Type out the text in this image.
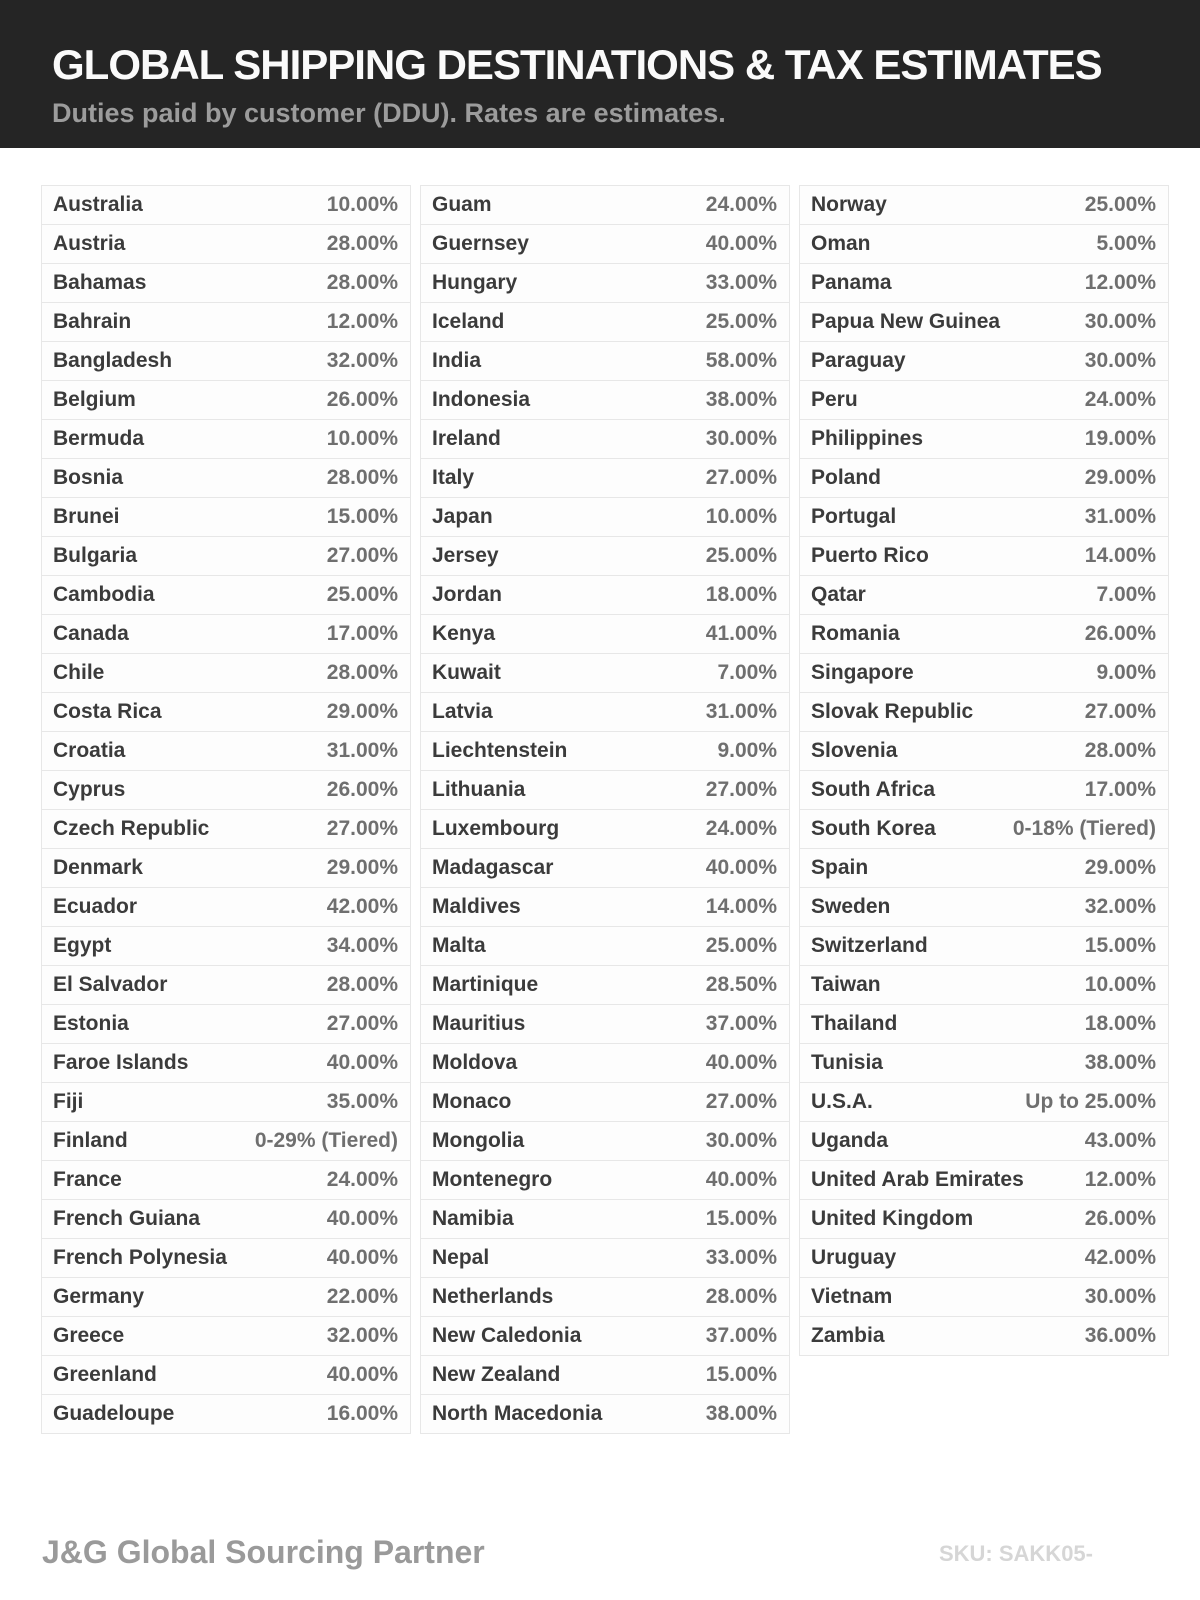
GLOBAL SHIPPING DESTINATIONS & TAX ESTIMATES

Duties paid by customer (DDU). Rates are estimates.

Australia	10.00%
Austria	28.00%
Bahamas	28.00%
Bahrain	12.00%
Bangladesh	32.00%
Belgium	26.00%
Bermuda	10.00%
Bosnia	28.00%
Brunei	15.00%
Bulgaria	27.00%
Cambodia	25.00%
Canada	17.00%
Chile	28.00%
Costa Rica	29.00%
Croatia	31.00%
Cyprus	26.00%
Czech Republic	27.00%
Denmark	29.00%
Ecuador	42.00%
Egypt	34.00%
El Salvador	28.00%
Estonia	27.00%
Faroe Islands	40.00%
Fiji	35.00%
Finland	0-29% (Tiered)
France	24.00%
French Guiana	40.00%
French Polynesia	40.00%
Germany	22.00%
Greece	32.00%
Greenland	40.00%
Guadeloupe	16.00%
Guam	24.00%
Guernsey	40.00%
Hungary	33.00%
Iceland	25.00%
India	58.00%
Indonesia	38.00%
Ireland	30.00%
Italy	27.00%
Japan	10.00%
Jersey	25.00%
Jordan	18.00%
Kenya	41.00%
Kuwait	7.00%
Latvia	31.00%
Liechtenstein	9.00%
Lithuania	27.00%
Luxembourg	24.00%
Madagascar	40.00%
Maldives	14.00%
Malta	25.00%
Martinique	28.50%
Mauritius	37.00%
Moldova	40.00%
Monaco	27.00%
Mongolia	30.00%
Montenegro	40.00%
Namibia	15.00%
Nepal	33.00%
Netherlands	28.00%
New Caledonia	37.00%
New Zealand	15.00%
North Macedonia	38.00%
Norway	25.00%
Oman	5.00%
Panama	12.00%
Papua New Guinea	30.00%
Paraguay	30.00%
Peru	24.00%
Philippines	19.00%
Poland	29.00%
Portugal	31.00%
Puerto Rico	14.00%
Qatar	7.00%
Romania	26.00%
Singapore	9.00%
Slovak Republic	27.00%
Slovenia	28.00%
South Africa	17.00%
South Korea	0-18% (Tiered)
Spain	29.00%
Sweden	32.00%
Switzerland	15.00%
Taiwan	10.00%
Thailand	18.00%
Tunisia	38.00%
U.S.A.	Up to 25.00%
Uganda	43.00%
United Arab Emirates	12.00%
United Kingdom	26.00%
Uruguay	42.00%
Vietnam	30.00%
Zambia	36.00%
J&G Global Sourcing Partner	SKU: SAKK05-
